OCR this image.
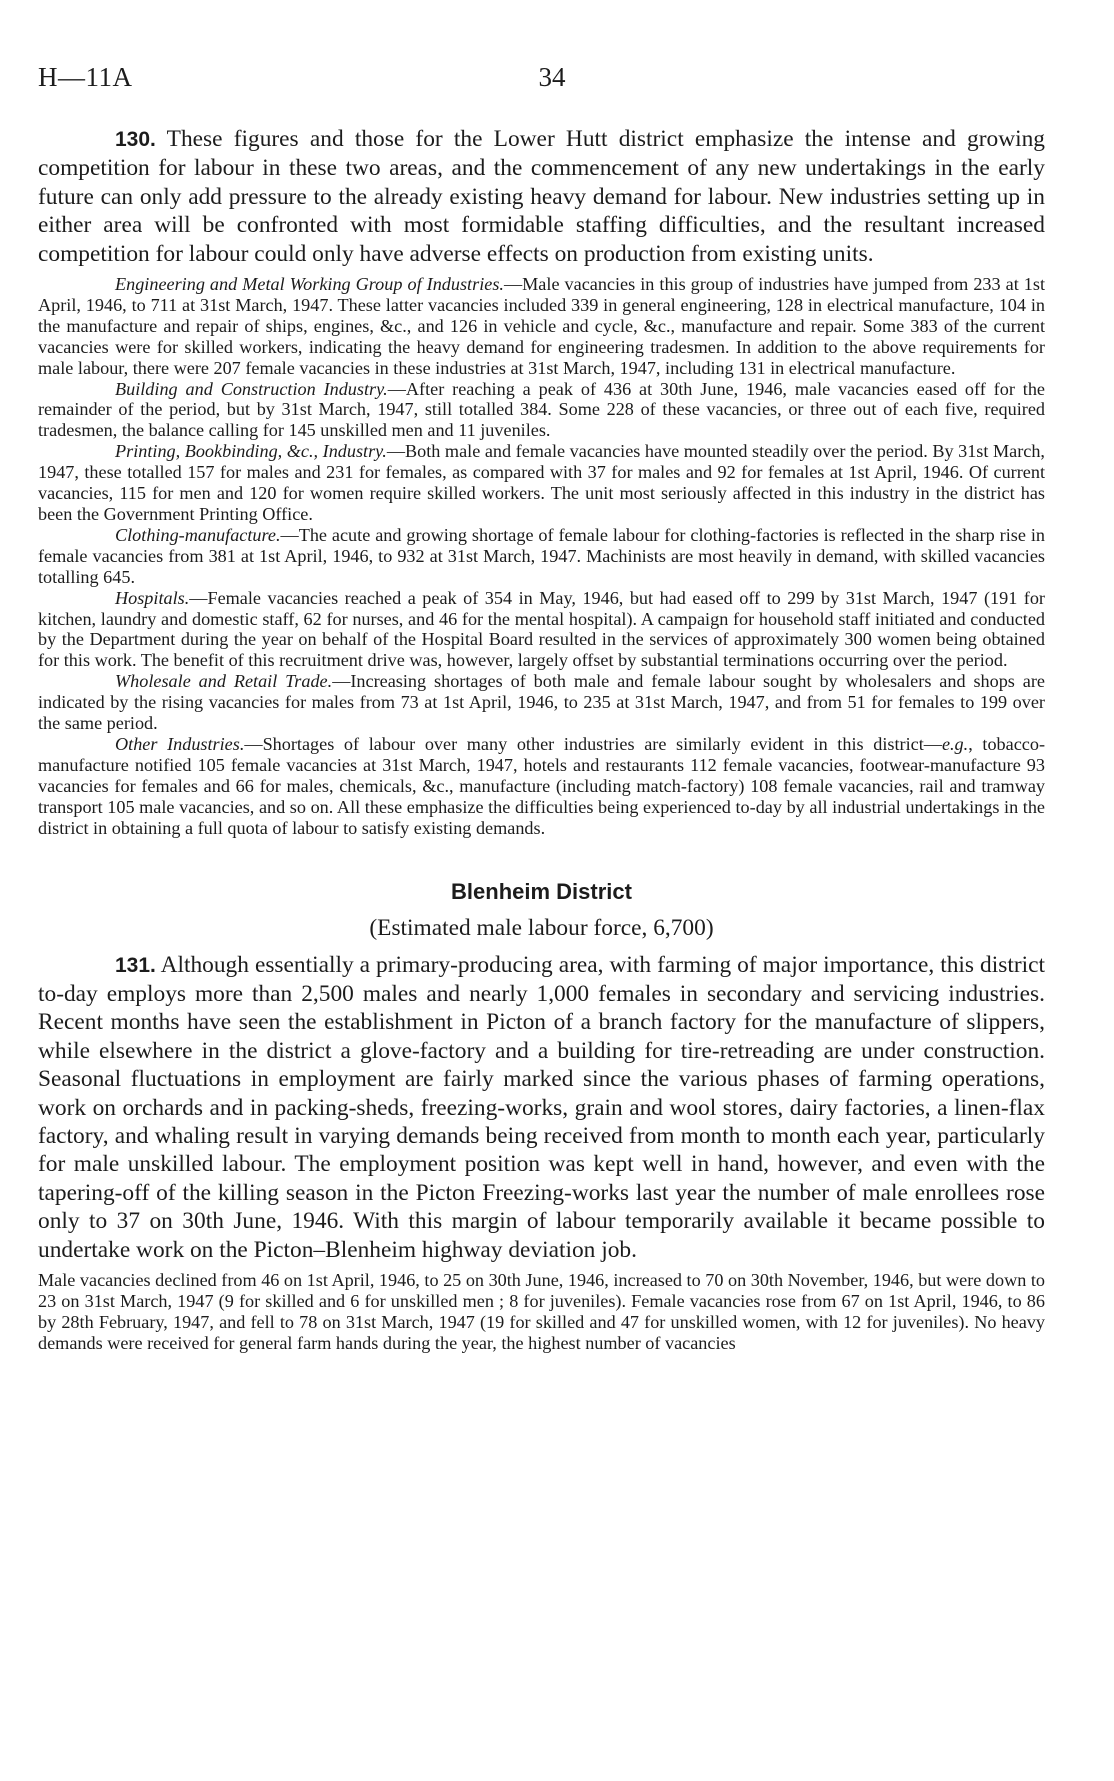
H—11A	34

130. These figures and those for the Lower Hutt district emphasize the intense and growing competition for labour in these two areas, and the commencement of any new undertakings in the early future can only add pressure to the already existing heavy demand for labour. New industries setting up in either area will be confronted with most formidable staffing difficulties, and the resultant increased competition for labour could only have adverse effects on production from existing units.

Engineering and Metal Working Group of Industries.—Male vacancies in this group of industries have jumped from 233 at 1st April, 1946, to 711 at 31st March, 1947. These latter vacancies included 339 in general engineering, 128 in electrical manufacture, 104 in the manufacture and repair of ships, engines, &c., and 126 in vehicle and cycle, &c., manufacture and repair. Some 383 of the current vacancies were for skilled workers, indicating the heavy demand for engineering tradesmen. In addition to the above requirements for male labour, there were 207 female vacancies in these industries at 31st March, 1947, including 131 in electrical manufacture.

Building and Construction Industry.—After reaching a peak of 436 at 30th June, 1946, male vacancies eased off for the remainder of the period, but by 31st March, 1947, still totalled 384. Some 228 of these vacancies, or three out of each five, required tradesmen, the balance calling for 145 unskilled men and 11 juveniles.

Printing, Bookbinding, &c., Industry.—Both male and female vacancies have mounted steadily over the period. By 31st March, 1947, these totalled 157 for males and 231 for females, as compared with 37 for males and 92 for females at 1st April, 1946. Of current vacancies, 115 for men and 120 for women require skilled workers. The unit most seriously affected in this industry in the district has been the Government Printing Office.

Clothing-manufacture.—The acute and growing shortage of female labour for clothing-factories is reflected in the sharp rise in female vacancies from 381 at 1st April, 1946, to 932 at 31st March, 1947. Machinists are most heavily in demand, with skilled vacancies totalling 645.

Hospitals.—Female vacancies reached a peak of 354 in May, 1946, but had eased off to 299 by 31st March, 1947 (191 for kitchen, laundry and domestic staff, 62 for nurses, and 46 for the mental hospital). A campaign for household staff initiated and conducted by the Department during the year on behalf of the Hospital Board resulted in the services of approximately 300 women being obtained for this work. The benefit of this recruitment drive was, however, largely offset by substantial terminations occurring over the period.

Wholesale and Retail Trade.—Increasing shortages of both male and female labour sought by wholesalers and shops are indicated by the rising vacancies for males from 73 at 1st April, 1946, to 235 at 31st March, 1947, and from 51 for females to 199 over the same period.

Other Industries.—Shortages of labour over many other industries are similarly evident in this district—e.g., tobacco-manufacture notified 105 female vacancies at 31st March, 1947, hotels and restaurants 112 female vacancies, footwear-manufacture 93 vacancies for females and 66 for males, chemicals, &c., manufacture (including match-factory) 108 female vacancies, rail and tramway transport 105 male vacancies, and so on. All these emphasize the difficulties being experienced to-day by all industrial undertakings in the district in obtaining a full quota of labour to satisfy existing demands.

Blenheim District
(Estimated male labour force, 6,700)

131. Although essentially a primary-producing area, with farming of major importance, this district to-day employs more than 2,500 males and nearly 1,000 females in secondary and servicing industries. Recent months have seen the establishment in Picton of a branch factory for the manufacture of slippers, while elsewhere in the district a glove-factory and a building for tire-retreading are under construction. Seasonal fluctuations in employment are fairly marked since the various phases of farming operations, work on orchards and in packing-sheds, freezing-works, grain and wool stores, dairy factories, a linen-flax factory, and whaling result in varying demands being received from month to month each year, particularly for male unskilled labour. The employment position was kept well in hand, however, and even with the tapering-off of the killing season in the Picton Freezing-works last year the number of male enrollees rose only to 37 on 30th June, 1946. With this margin of labour temporarily available it became possible to undertake work on the Picton–Blenheim highway deviation job.

Male vacancies declined from 46 on 1st April, 1946, to 25 on 30th June, 1946, increased to 70 on 30th November, 1946, but were down to 23 on 31st March, 1947 (9 for skilled and 6 for unskilled men ; 8 for juveniles). Female vacancies rose from 67 on 1st April, 1946, to 86 by 28th February, 1947, and fell to 78 on 31st March, 1947 (19 for skilled and 47 for unskilled women, with 12 for juveniles). No heavy demands were received for general farm hands during the year, the highest number of vacancies
